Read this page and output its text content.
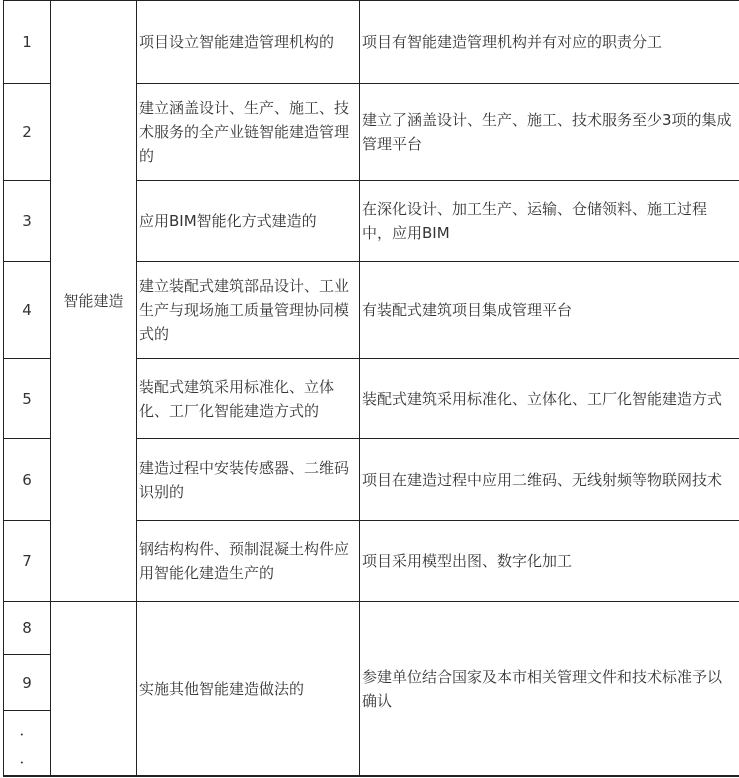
1	智能建造	项目设立智能建造管理机构的	项目有智能建造管理机构并有对应的职责分工
2		建立涵盖设计、生产、施工、技术服务的全产业链智能建造管理的	建立了涵盖设计、生产、施工、技术服务至少3项的集成管理平台
3		应用BIM智能化方式建造的	在深化设计、加工生产、运输、仓储领料、施工过程中，应用BIM
4		建立装配式建筑部品设计、工业生产与现场施工质量管理协同模式的	有装配式建筑项目集成管理平台
5		装配式建筑采用标准化、立体化、工厂化智能建造方式的	装配式建筑采用标准化、立体化、工厂化智能建造方式
6		建造过程中安装传感器、二维码识别的	项目在建造过程中应用二维码、无线射频等物联网技术
7		钢结构构件、预制混凝土构件应用智能化建造生产的	项目采用模型出图、数字化加工
8		实施其他智能建造做法的	参建单位结合国家及本市相关管理文件和技术标准予以确认
9			

．
．			
